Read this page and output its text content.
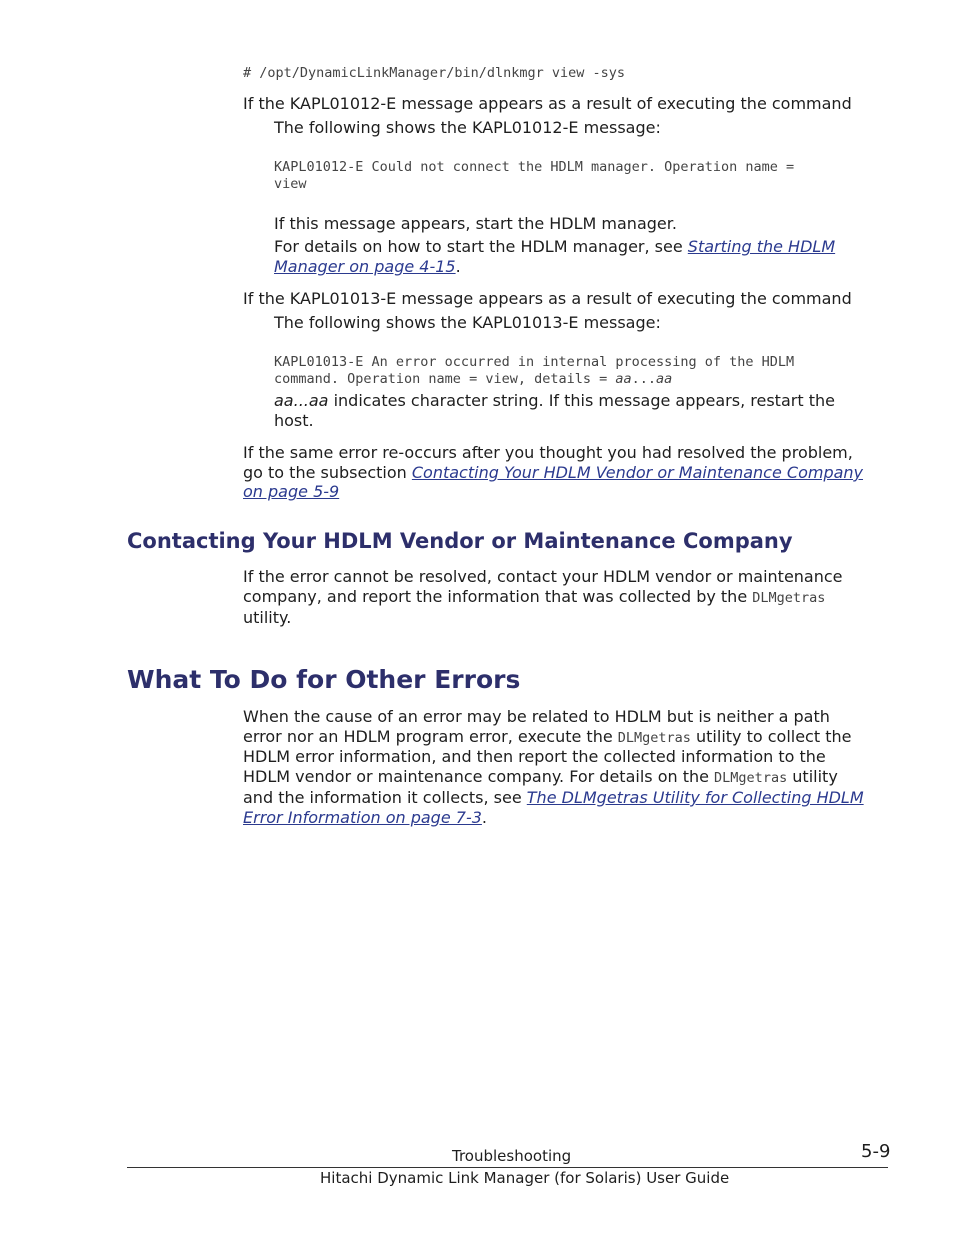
# /opt/DynamicLinkManager/bin/dlnkmgr view -sys
If the KAPL01012-E message appears as a result of executing the command
The following shows the KAPL01012-E message:
KAPL01012-E Could not connect the HDLM manager. Operation name =
view
If this message appears, start the HDLM manager.
For details on how to start the HDLM manager, see Starting the HDLM
Manager on page 4-15.
If the KAPL01013-E message appears as a result of executing the command
The following shows the KAPL01013-E message:
KAPL01013-E An error occurred in internal processing of the HDLM
command. Operation name = view, details = aa...aa
aa...aa indicates character string. If this message appears, restart the
host.
If the same error re-occurs after you thought you had resolved the problem,
go to the subsection Contacting Your HDLM Vendor or Maintenance Company
on page 5-9
Contacting Your HDLM Vendor or Maintenance Company
If the error cannot be resolved, contact your HDLM vendor or maintenance
company, and report the information that was collected by the DLMgetras
utility.
What To Do for Other Errors
When the cause of an error may be related to HDLM but is neither a path
error nor an HDLM program error, execute the DLMgetras utility to collect the
HDLM error information, and then report the collected information to the
HDLM vendor or maintenance company. For details on the DLMgetras utility
and the information it collects, see The DLMgetras Utility for Collecting HDLM
Error Information on page 7-3.
Troubleshooting	5-9
Hitachi Dynamic Link Manager (for Solaris) User Guide
